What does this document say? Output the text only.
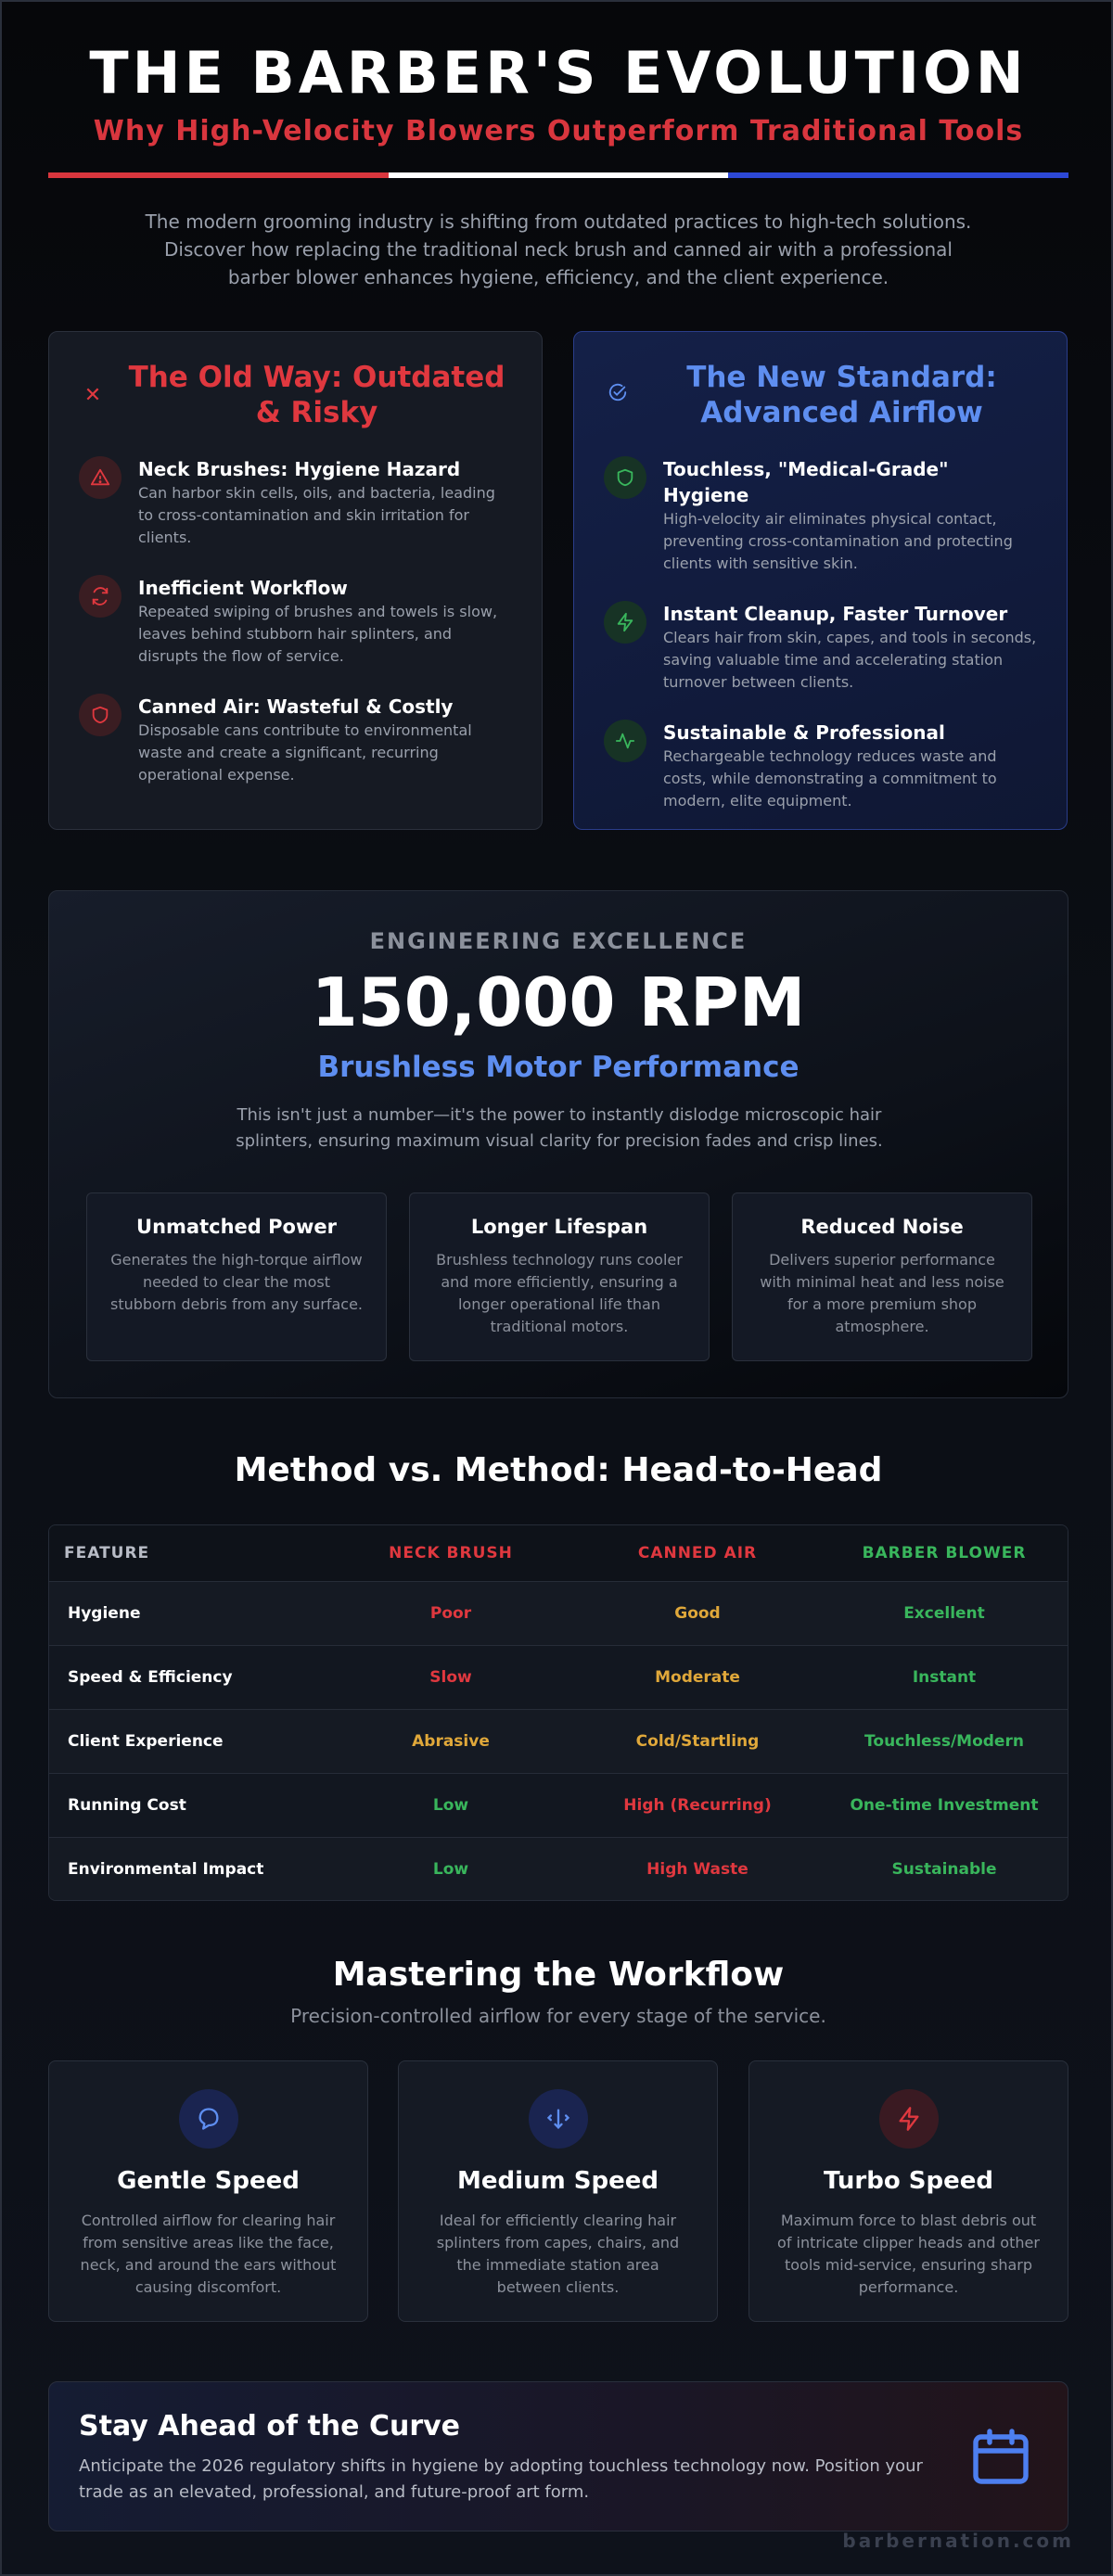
THE BARBER'S EVOLUTION
Why High-Velocity Blowers Outperform Traditional Tools
The modern grooming industry is shifting from outdated practices to high-tech solutions. Discover how replacing the traditional neck brush and canned air with a professional barber blower enhances hygiene, efficiency, and the client experience.
✕
The Old Way: Outdated & Risky
Neck Brushes: Hygiene Hazard

Can harbor skin cells, oils, and bacteria, leading to cross-contamination and skin irritation for clients.

Inefficient Workflow

Repeated swiping of brushes and towels is slow, leaves behind stubborn hair splinters, and disrupts the flow of service.

Canned Air: Wasteful & Costly

Disposable cans contribute to environmental waste and create a significant, recurring operational expense.

The New Standard: Advanced Airflow
Touchless, "Medical-Grade" Hygiene

High-velocity air eliminates physical contact, preventing cross-contamination and protecting clients with sensitive skin.

Instant Cleanup, Faster Turnover

Clears hair from skin, capes, and tools in seconds, saving valuable time and accelerating station turnover between clients.

Sustainable & Professional

Rechargeable technology reduces waste and costs, while demonstrating a commitment to modern, elite equipment.

ENGINEERING EXCELLENCE
150,000 RPM
Brushless Motor Performance
This isn't just a number—it's the power to instantly dislodge microscopic hair splinters, ensuring maximum visual clarity for precision fades and crisp lines.
Unmatched Power

Generates the high-torque airflow needed to clear the most stubborn debris from any surface.

Longer Lifespan

Brushless technology runs cooler and more efficiently, ensuring a longer operational life than traditional motors.

Reduced Noise

Delivers superior performance with minimal heat and less noise for a more premium shop atmosphere.

Method vs. Method: Head-to-Head
FEATURE	NECK BRUSH	CANNED AIR	BARBER BLOWER
Hygiene	Poor	Good	Excellent
Speed & Efficiency	Slow	Moderate	Instant
Client Experience	Abrasive	Cold/Startling	Touchless/Modern
Running Cost	Low	High (Recurring)	One-time Investment
Environmental Impact	Low	High Waste	Sustainable
Mastering the Workflow
Precision-controlled airflow for every stage of the service.
Gentle Speed

Controlled airflow for clearing hair from sensitive areas like the face, neck, and around the ears without causing discomfort.

Medium Speed

Ideal for efficiently clearing hair splinters from capes, chairs, and the immediate station area between clients.

Turbo Speed

Maximum force to blast debris out of intricate clipper heads and other tools mid-service, ensuring sharp performance.

Stay Ahead of the Curve

Anticipate the 2026 regulatory shifts in hygiene by adopting touchless technology now. Position your trade as an elevated, professional, and future-proof art form.

barbernation.com
